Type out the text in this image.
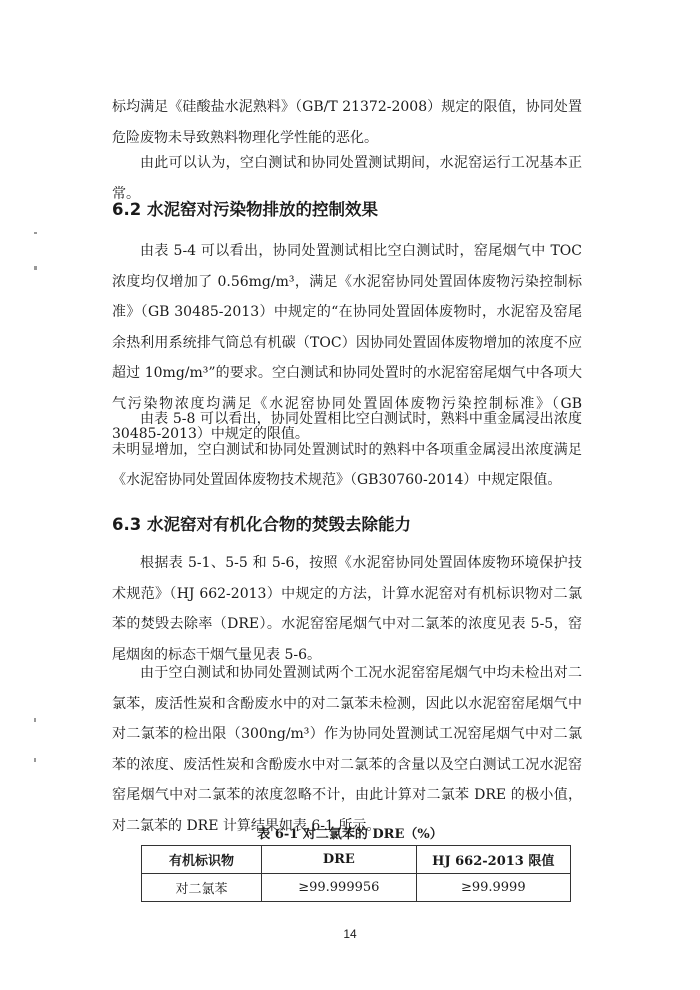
标均满足《硅酸盐水泥熟料》（GB/T 21372-2008）规定的限值，协同处置危险废物未导致熟料物理化学性能的恶化。

由此可以认为，空白测试和协同处置测试期间，水泥窑运行工况基本正常。

6.2 水泥窑对污染物排放的控制效果

由表 5-4 可以看出，协同处置测试相比空白测试时，窑尾烟气中 TOC 浓度均仅增加了 0.56mg/m³，满足《水泥窑协同处置固体废物污染控制标准》（GB 30485-2013）中规定的“在协同处置固体废物时，水泥窑及窑尾余热利用系统排气筒总有机碳（TOC）因协同处置固体废物增加的浓度不应超过 10mg/m³”的要求。空白测试和协同处置时的水泥窑窑尾烟气中各项大气污染物浓度均满足《水泥窑协同处置固体废物污染控制标准》（GB 30485-2013）中规定的限值。

由表 5-8 可以看出，协同处置相比空白测试时，熟料中重金属浸出浓度未明显增加，空白测试和协同处置测试时的熟料中各项重金属浸出浓度满足《水泥窑协同处置固体废物技术规范》（GB30760-2014）中规定限值。

6.3 水泥窑对有机化合物的焚毁去除能力

根据表 5-1、5-5 和 5-6，按照《水泥窑协同处置固体废物环境保护技术规范》（HJ 662-2013）中规定的方法，计算水泥窑对有机标识物对二氯苯的焚毁去除率（DRE）。水泥窑窑尾烟气中对二氯苯的浓度见表 5-5，窑尾烟囱的标态干烟气量见表 5-6。

由于空白测试和协同处置测试两个工况水泥窑窑尾烟气中均未检出对二氯苯，废活性炭和含酚废水中的对二氯苯未检测，因此以水泥窑窑尾烟气中对二氯苯的检出限（300ng/m³）作为协同处置测试工况窑尾烟气中对二氯苯的浓度、废活性炭和含酚废水中对二氯苯的含量以及空白测试工况水泥窑窑尾烟气中对二氯苯的浓度忽略不计，由此计算对二氯苯 DRE 的极小值，对二氯苯的 DRE 计算结果如表 6-1 所示。

表 6-1 对二氯苯的 DRE（%）
有机标识物	DRE	HJ 662-2013 限值
对二氯苯	≥99.999956	≥99.9999
14
